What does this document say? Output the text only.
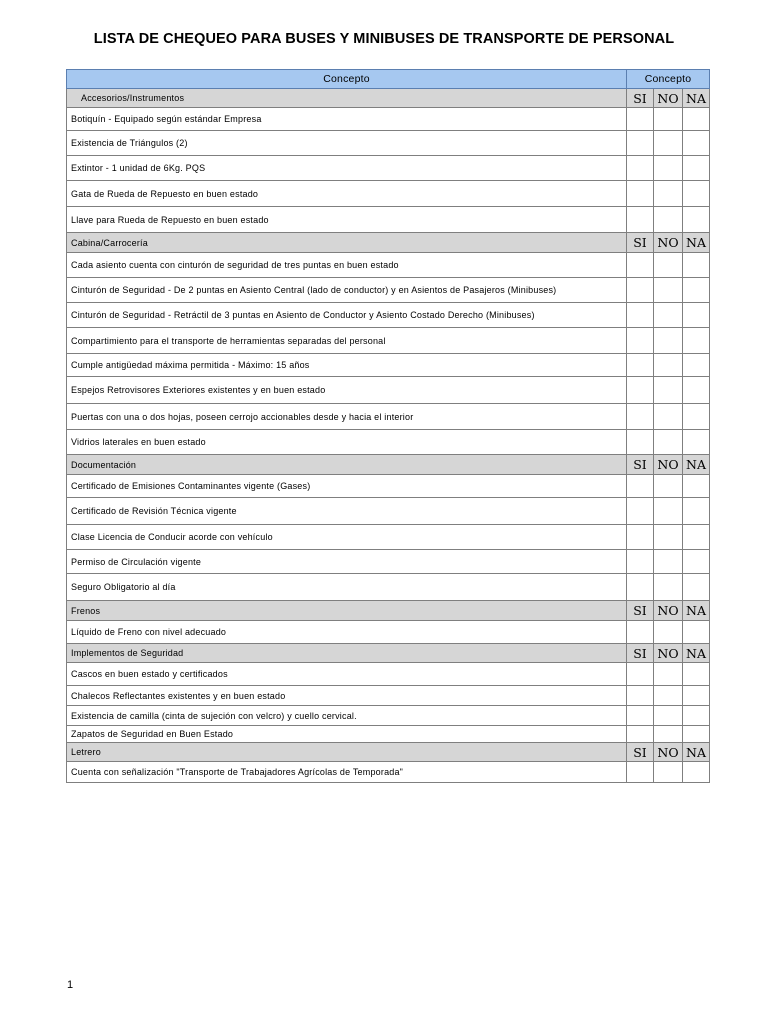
LISTA DE CHEQUEO PARA BUSES Y MINIBUSES DE TRANSPORTE DE PERSONAL
Concepto	Concepto		
Accesorios/Instrumentos	SI	NO	NA
Botiquín - Equipado según estándar Empresa			
Existencia de Triángulos (2)			
Extintor - 1 unidad de 6Kg. PQS			
Gata de Rueda de Repuesto en buen estado			
Llave para Rueda de Repuesto en buen estado			
Cabina/Carrocería	SI	NO	NA
Cada asiento cuenta con cinturón de seguridad de tres puntas en buen estado			
Cinturón de Seguridad - De 2 puntas en Asiento Central (lado de conductor) y en Asientos de Pasajeros (Minibuses)			
Cinturón de Seguridad - Retráctil de 3 puntas en Asiento de Conductor y Asiento Costado Derecho (Minibuses)			
Compartimiento para el transporte de herramientas separadas del personal			
Cumple antigüedad máxima permitida - Máximo: 15 años			
Espejos Retrovisores Exteriores existentes y en buen estado			
Puertas con una o dos hojas, poseen cerrojo accionables desde y hacia el interior			
Vidrios laterales en buen estado			
Documentación	SI	NO	NA
Certificado de Emisiones Contaminantes vigente (Gases)			
Certificado de Revisión Técnica vigente			
Clase Licencia de Conducir acorde con vehículo			
Permiso de Circulación vigente			
Seguro Obligatorio al día			
Frenos	SI	NO	NA
Líquido de Freno con nivel adecuado			
Implementos de Seguridad	SI	NO	NA
Cascos en buen estado y certificados			
Chalecos Reflectantes existentes y en buen estado			
Existencia de camilla (cinta de sujeción con velcro) y cuello cervical.			
Zapatos de Seguridad en Buen Estado			
Letrero	SI	NO	NA
Cuenta con señalización "Transporte de Trabajadores Agrícolas de Temporada"			
1
